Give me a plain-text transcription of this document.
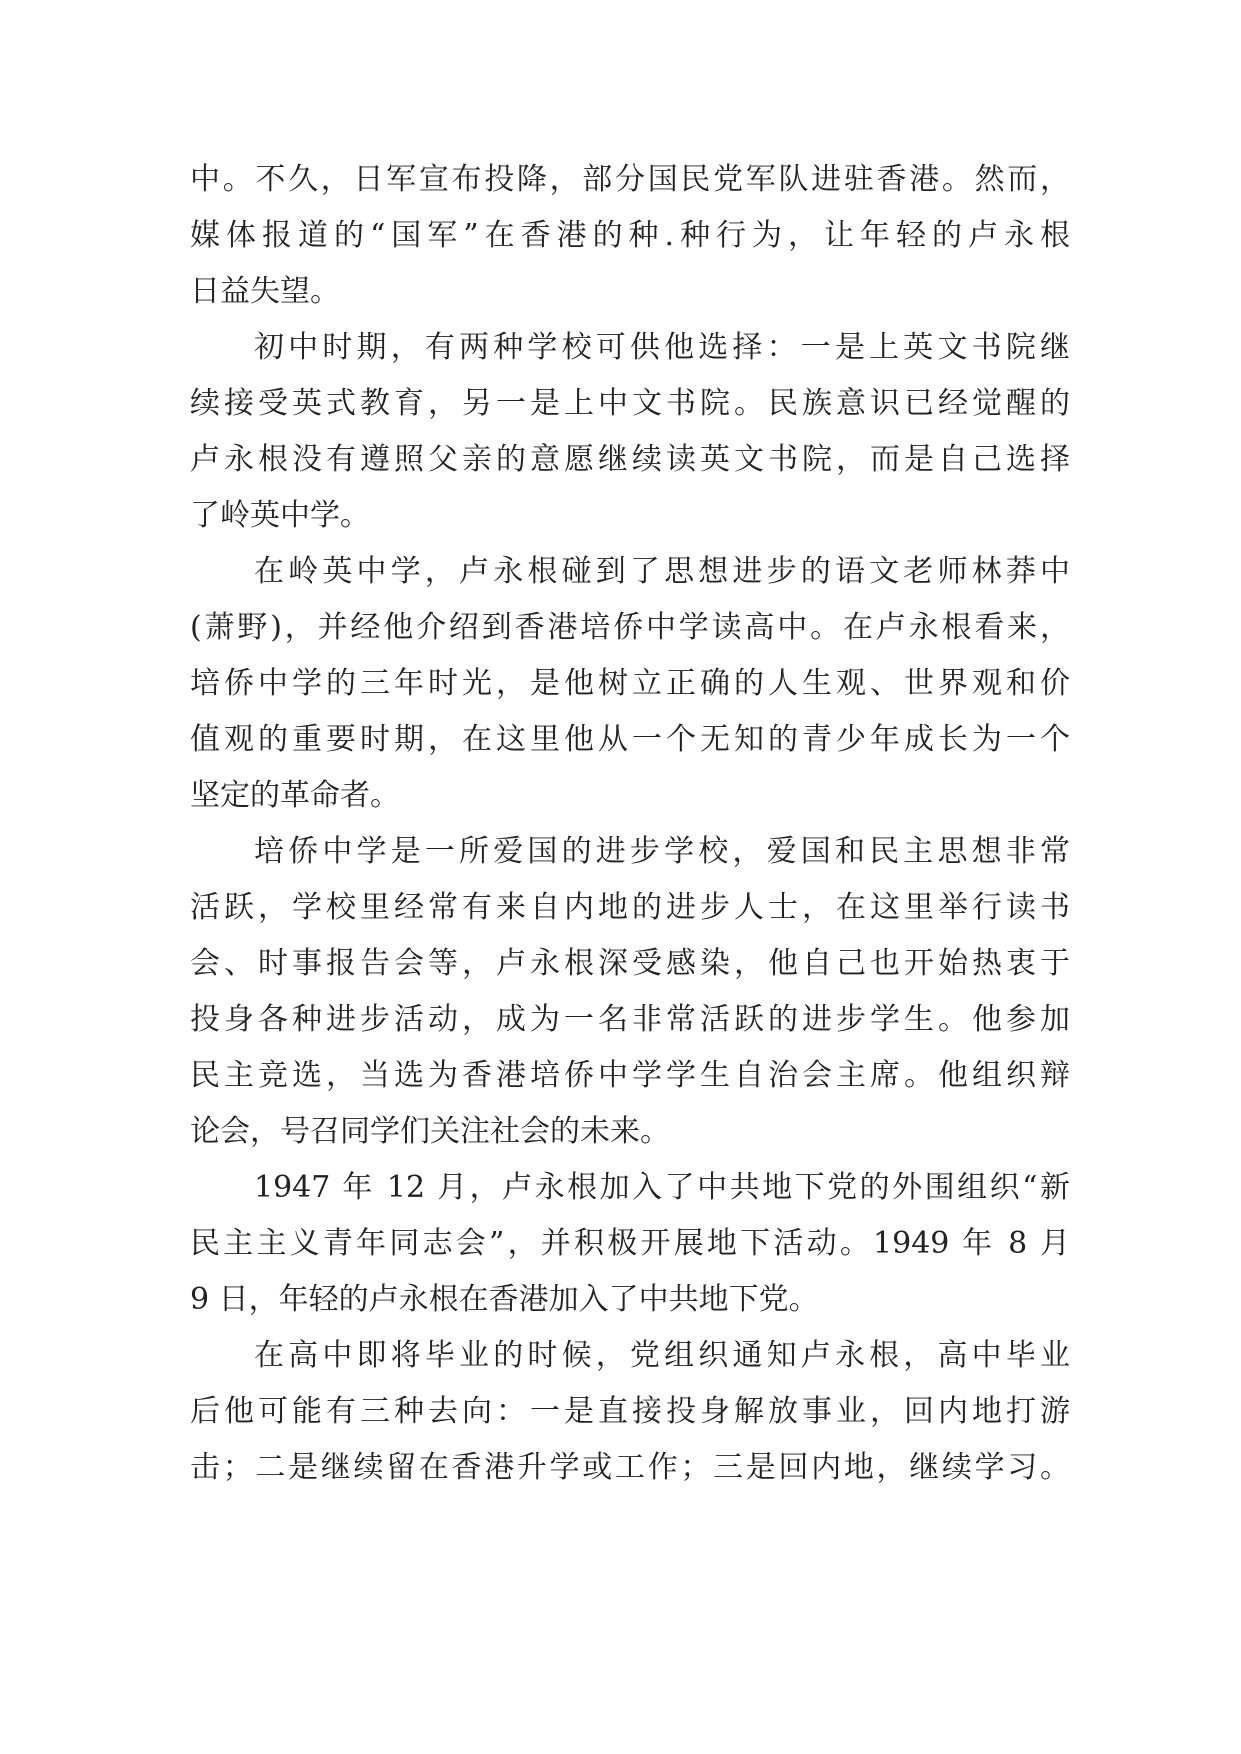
中。不久，日军宣布投降，部分国民党军队进驻香港。然而，
媒体报道的“国军”在香港的种.种行为，让年轻的卢永根
日益失望。
初中时期，有两种学校可供他选择：一是上英文书院继
续接受英式教育，另一是上中文书院。民族意识已经觉醒的
卢永根没有遵照父亲的意愿继续读英文书院，而是自己选择
了岭英中学。
在岭英中学，卢永根碰到了思想进步的语文老师林莽中
(萧野)，并经他介绍到香港培侨中学读高中。在卢永根看来，
培侨中学的三年时光，是他树立正确的人生观、世界观和价
值观的重要时期，在这里他从一个无知的青少年成长为一个
坚定的革命者。
培侨中学是一所爱国的进步学校，爱国和民主思想非常
活跃，学校里经常有来自内地的进步人士，在这里举行读书
会、时事报告会等，卢永根深受感染，他自己也开始热衷于
投身各种进步活动，成为一名非常活跃的进步学生。他参加
民主竞选，当选为香港培侨中学学生自治会主席。他组织辩
论会，号召同学们关注社会的未来。
1947 年 12 月，卢永根加入了中共地下党的外围组织“新
民主主义青年同志会”，并积极开展地下活动。1949 年 8 月
9 日，年轻的卢永根在香港加入了中共地下党。
在高中即将毕业的时候，党组织通知卢永根，高中毕业
后他可能有三种去向：一是直接投身解放事业，回内地打游
击；二是继续留在香港升学或工作；三是回内地，继续学习。
